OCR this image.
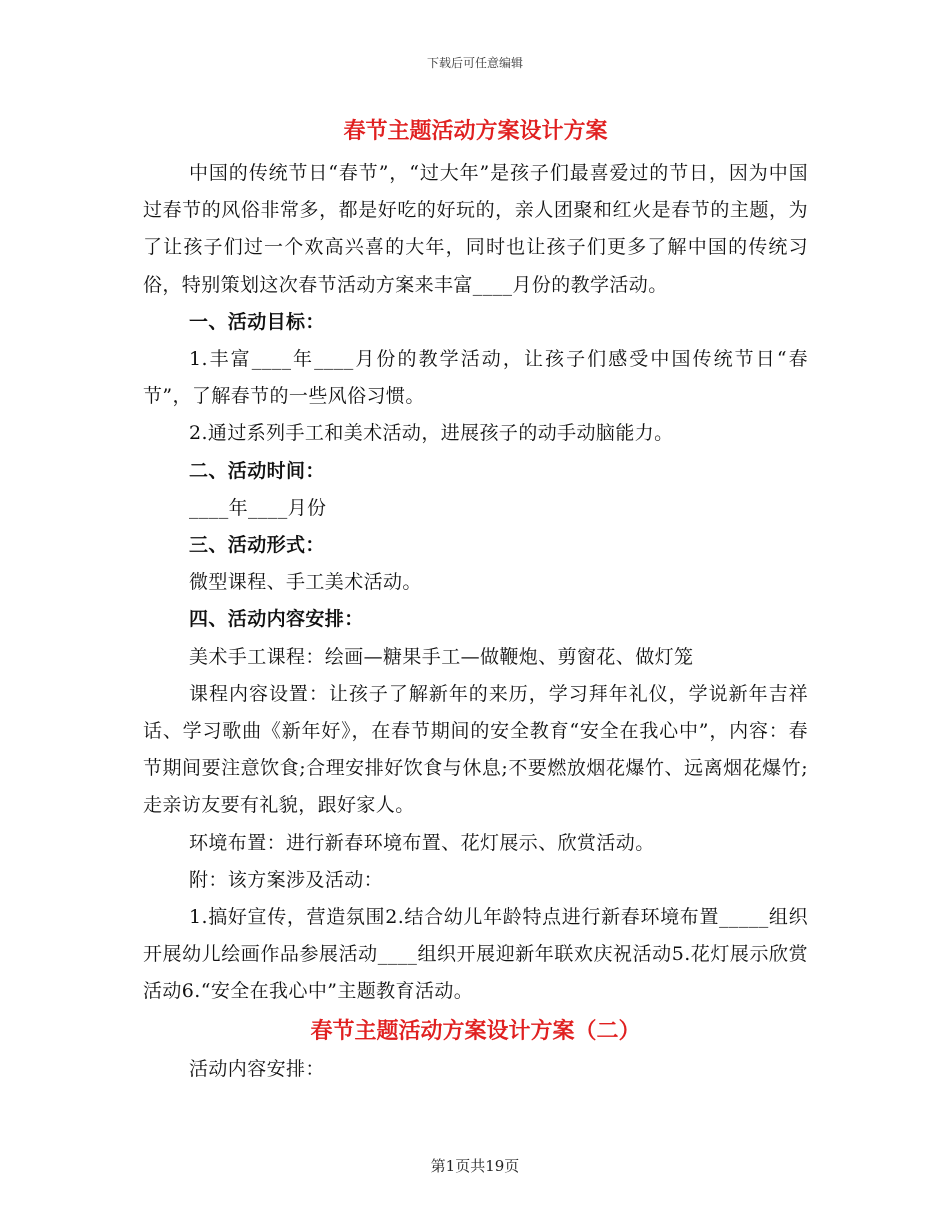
下载后可任意编辑
春节主题活动方案设计方案

中国的传统节日“春节”，“过大年”是孩子们最喜爱过的节日，因为中国过春节的风俗非常多，都是好吃的好玩的，亲人团聚和红火是春节的主题，为了让孩子们过一个欢高兴喜的大年，同时也让孩子们更多了解中国的传统习俗，特别策划这次春节活动方案来丰富____月份的教学活动。

一、活动目标：

1.丰富____年____月份的教学活动，让孩子们感受中国传统节日“春节”，了解春节的一些风俗习惯。

2.通过系列手工和美术活动，进展孩子的动手动脑能力。

二、活动时间：

____年____月份

三、活动形式：

微型课程、手工美术活动。

四、活动内容安排：

美术手工课程：绘画—糖果手工—做鞭炮、剪窗花、做灯笼

课程内容设置：让孩子了解新年的来历，学习拜年礼仪，学说新年吉祥话、学习歌曲《新年好》，在春节期间的安全教育“安全在我心中”，内容：春节期间要注意饮食;合理安排好饮食与休息;不要燃放烟花爆竹、远离烟花爆竹;走亲访友要有礼貌，跟好家人。

环境布置：进行新春环境布置、花灯展示、欣赏活动。

附：该方案涉及活动：

1.搞好宣传，营造氛围2.结合幼儿年龄特点进行新春环境布置_____组织开展幼儿绘画作品参展活动____组织开展迎新年联欢庆祝活动5.花灯展示欣赏活动6.“安全在我心中”主题教育活动。

春节主题活动方案设计方案（二）

活动内容安排：

第1页共19页
